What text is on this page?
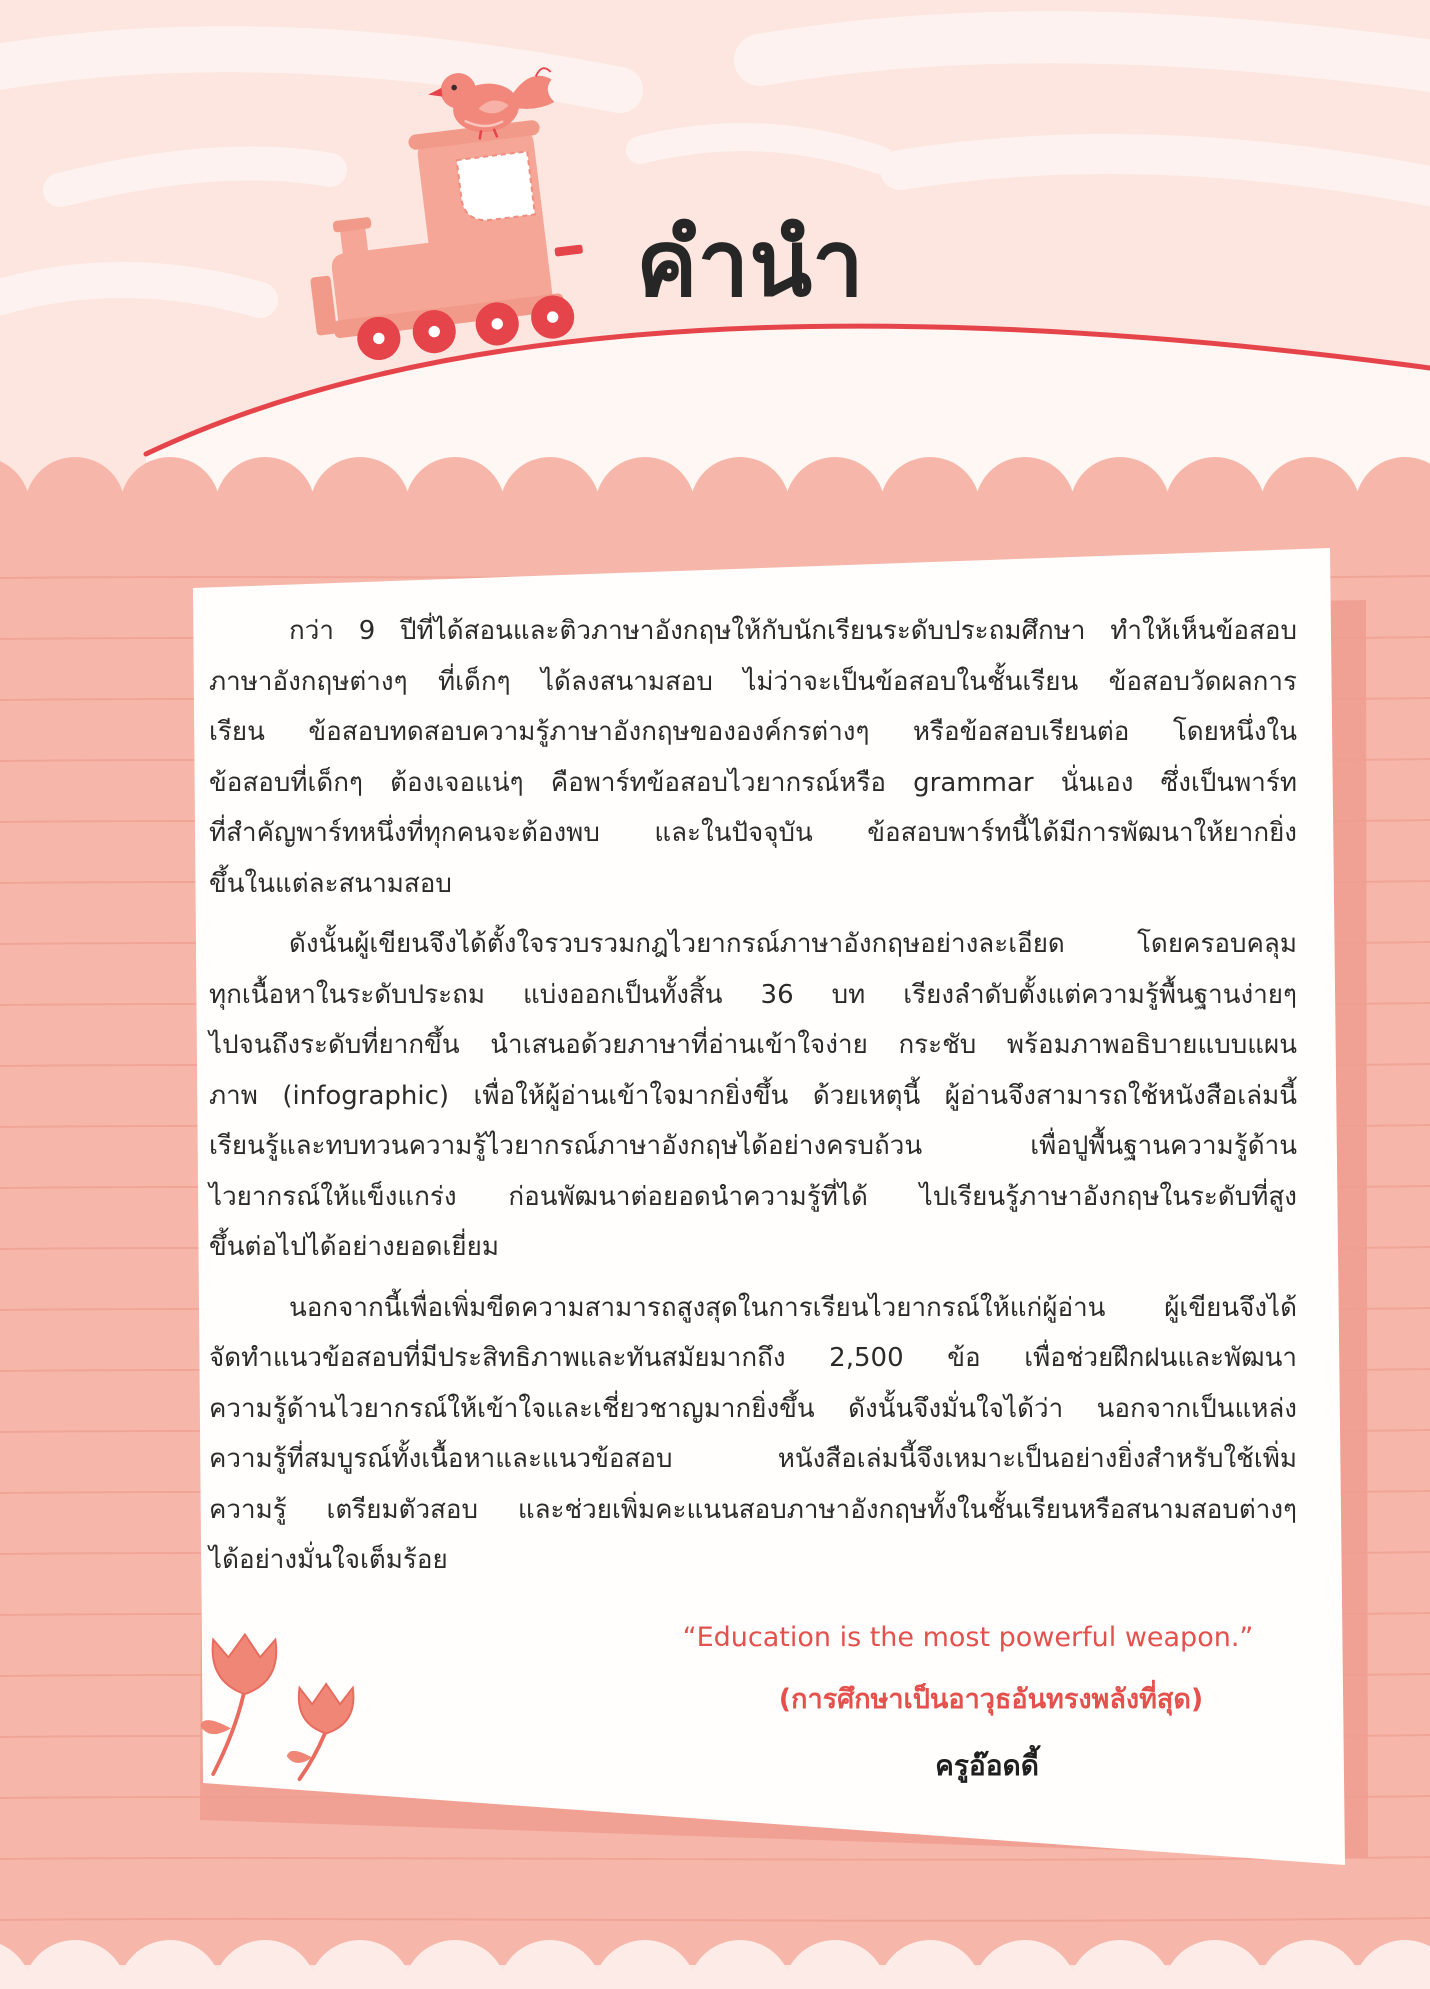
คำนำ
กว่า 9 ปีที่ได้สอนและติวภาษาอังกฤษให้กับนักเรียนระดับประถมศึกษา ทำให้เห็นข้อสอบ
ภาษาอังกฤษต่างๆ ที่เด็กๆ ได้ลงสนามสอบ ไม่ว่าจะเป็นข้อสอบในชั้นเรียน ข้อสอบวัดผลการ
เรียน ข้อสอบทดสอบความรู้ภาษาอังกฤษขององค์กรต่างๆ หรือข้อสอบเรียนต่อ โดยหนึ่งใน
ข้อสอบที่เด็กๆ ต้องเจอแน่ๆ คือพาร์ทข้อสอบไวยากรณ์หรือ grammar นั่นเอง ซึ่งเป็นพาร์ท
ที่สำคัญพาร์ทหนึ่งที่ทุกคนจะต้องพบ และในปัจจุบัน ข้อสอบพาร์ทนี้ได้มีการพัฒนาให้ยากยิ่ง
ขึ้นในแต่ละสนามสอบ
ดังนั้นผู้เขียนจึงได้ตั้งใจรวบรวมกฎไวยากรณ์ภาษาอังกฤษอย่างละเอียด โดยครอบคลุม
ทุกเนื้อหาในระดับประถม แบ่งออกเป็นทั้งสิ้น 36 บท เรียงลำดับตั้งแต่ความรู้พื้นฐานง่ายๆ
ไปจนถึงระดับที่ยากขึ้น นำเสนอด้วยภาษาที่อ่านเข้าใจง่าย กระชับ พร้อมภาพอธิบายแบบแผน
ภาพ (infographic) เพื่อให้ผู้อ่านเข้าใจมากยิ่งขึ้น ด้วยเหตุนี้ ผู้อ่านจึงสามารถใช้หนังสือเล่มนี้
เรียนรู้และทบทวนความรู้ไวยากรณ์ภาษาอังกฤษได้อย่างครบถ้วน เพื่อปูพื้นฐานความรู้ด้าน
ไวยากรณ์ให้แข็งแกร่ง ก่อนพัฒนาต่อยอดนำความรู้ที่ได้ ไปเรียนรู้ภาษาอังกฤษในระดับที่สูง
ขึ้นต่อไปได้อย่างยอดเยี่ยม
นอกจากนี้เพื่อเพิ่มขีดความสามารถสูงสุดในการเรียนไวยากรณ์ให้แก่ผู้อ่าน ผู้เขียนจึงได้
จัดทำแนวข้อสอบที่มีประสิทธิภาพและทันสมัยมากถึง 2,500 ข้อ เพื่อช่วยฝึกฝนและพัฒนา
ความรู้ด้านไวยากรณ์ให้เข้าใจและเชี่ยวชาญมากยิ่งขึ้น ดังนั้นจึงมั่นใจได้ว่า นอกจากเป็นแหล่ง
ความรู้ที่สมบูรณ์ทั้งเนื้อหาและแนวข้อสอบ หนังสือเล่มนี้จึงเหมาะเป็นอย่างยิ่งสำหรับใช้เพิ่ม
ความรู้ เตรียมตัวสอบ และช่วยเพิ่มคะแนนสอบภาษาอังกฤษทั้งในชั้นเรียนหรือสนามสอบต่างๆ
ได้อย่างมั่นใจเต็มร้อย
“Education is the most powerful weapon.”
(การศึกษาเป็นอาวุธอันทรงพลังที่สุด)
ครูอ๊อดดี้
